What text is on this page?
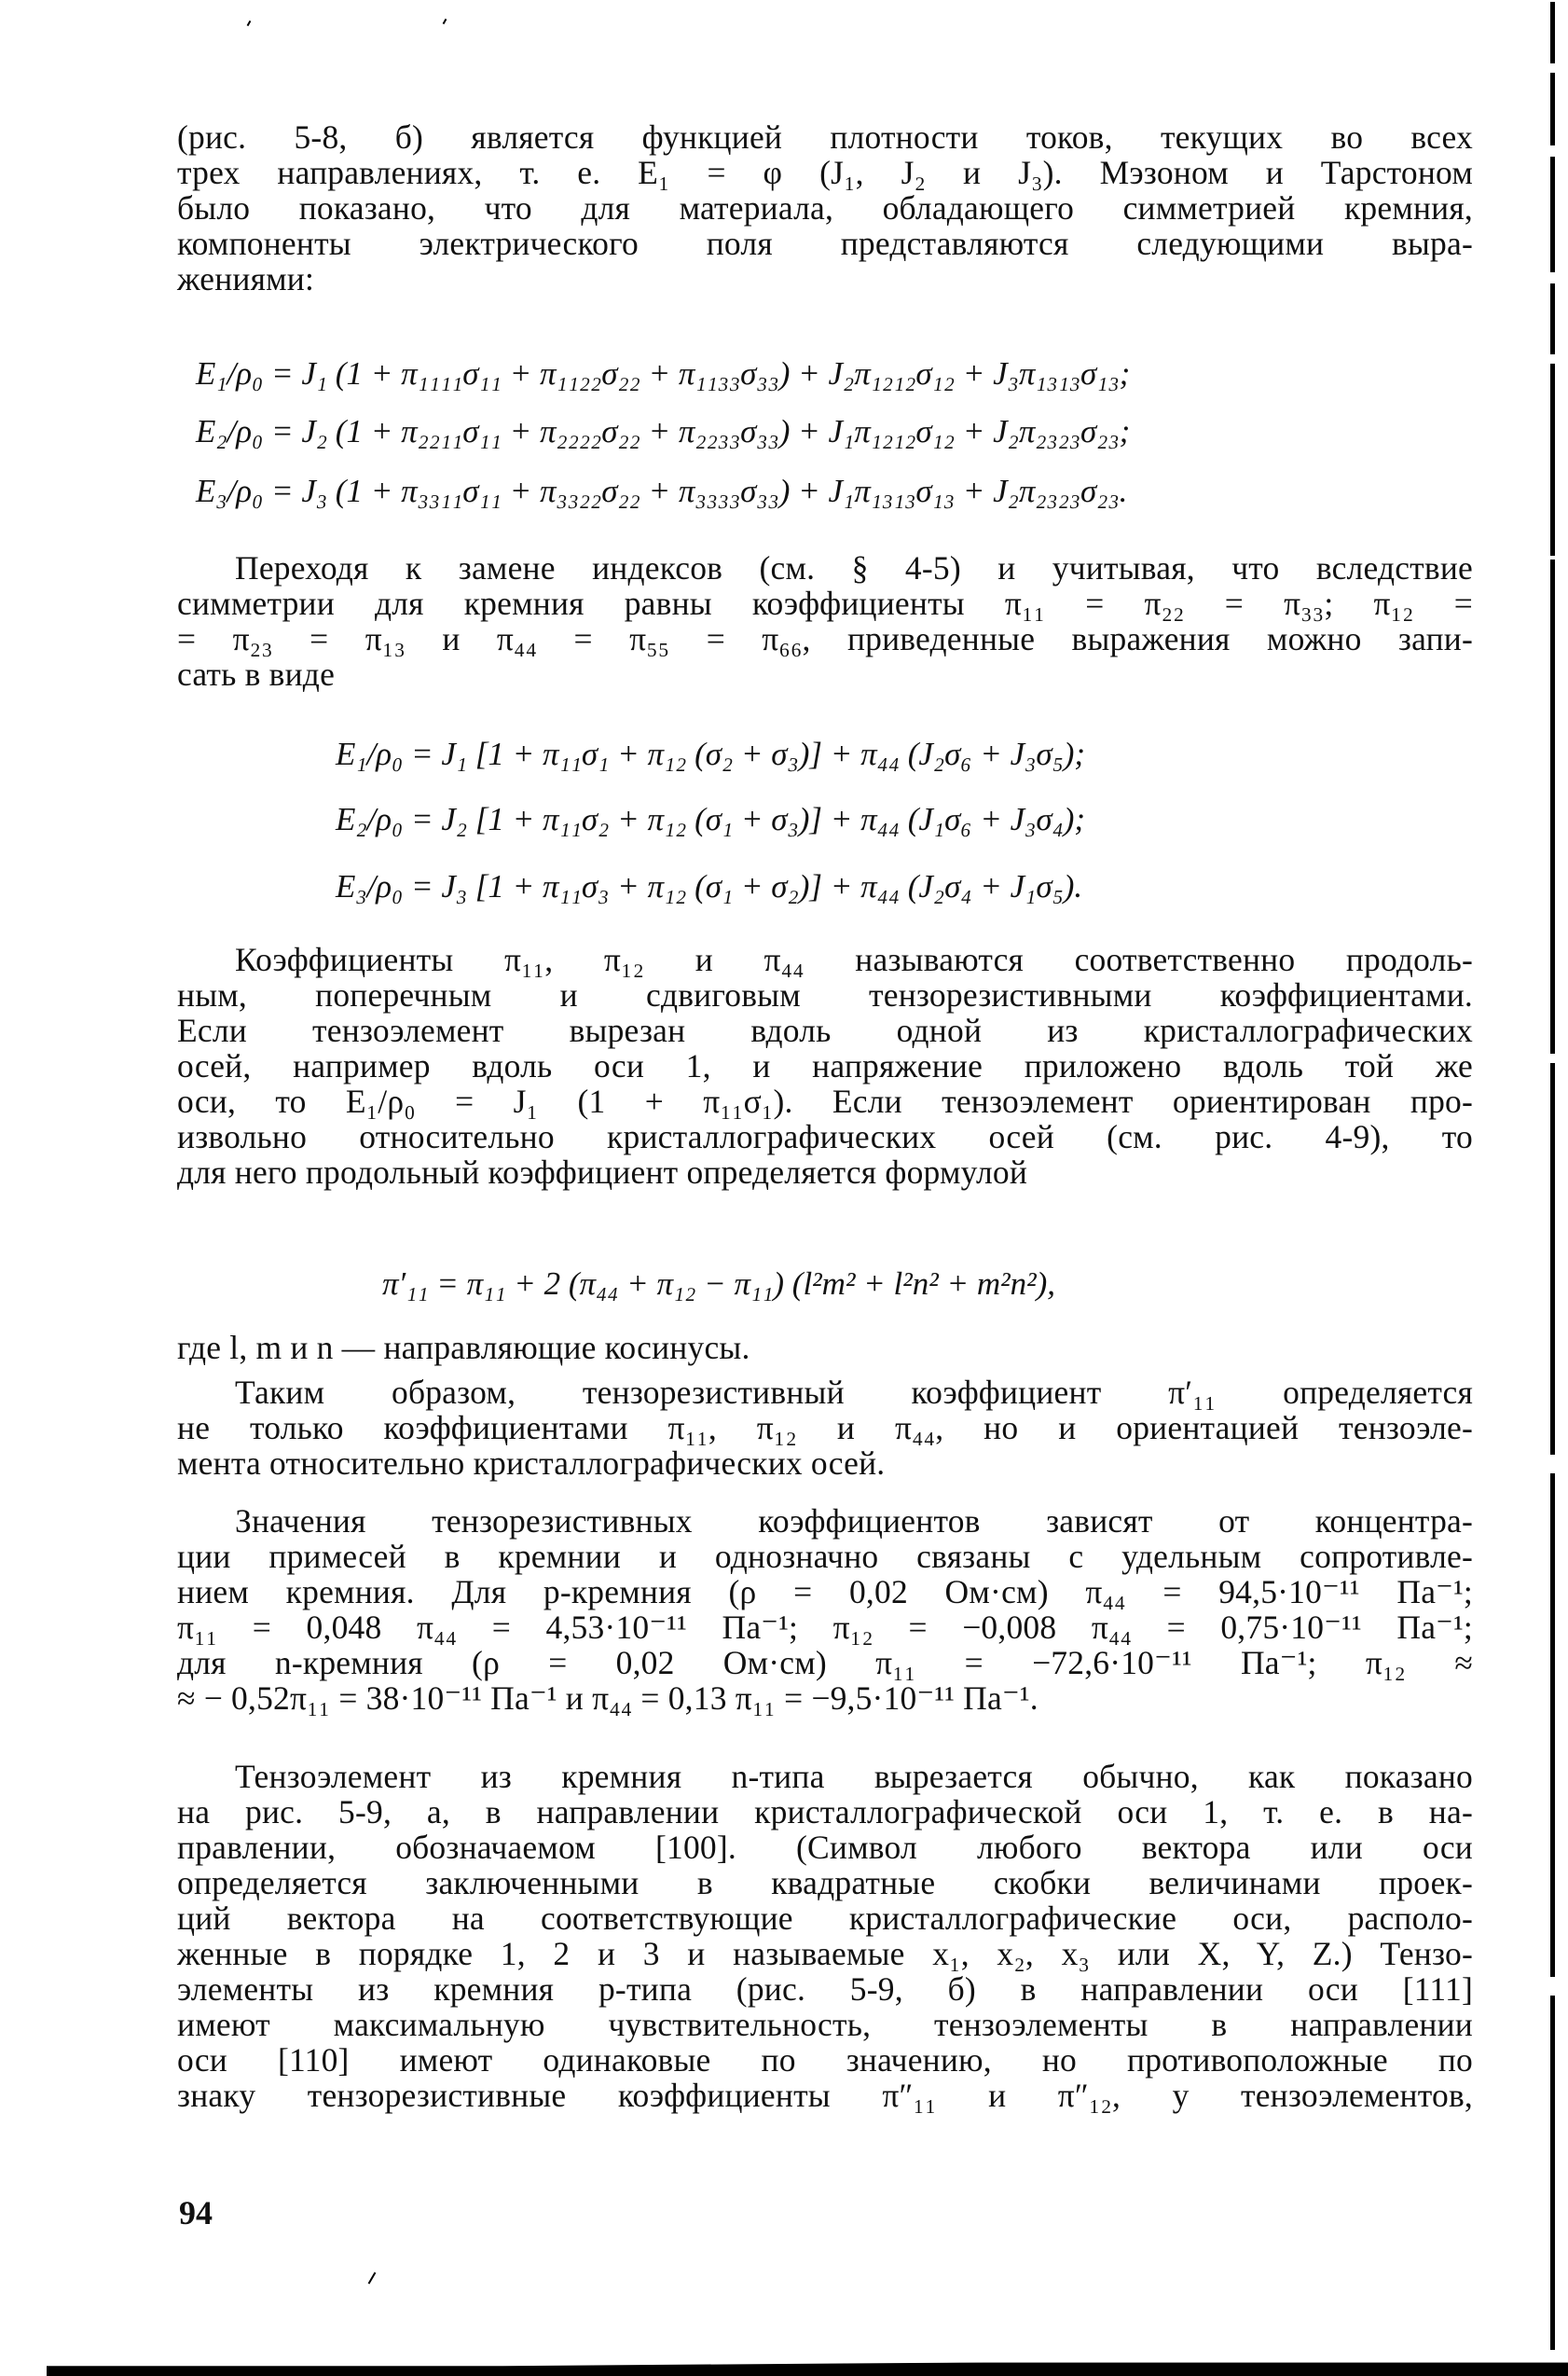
(рис. 5-8, б) является функцией плотности токов, текущих во всех
трех направлениях, т. е. E₁ = φ (J₁, J₂ и J₃). Мэзоном и Тарстоном
было показано, что для материала, обладающего симметрией кремния,
компоненты электрического поля представляются следующими выра-
жениями:
E₁/ρ₀ = J₁ (1 + π₁₁₁₁σ₁₁ + π₁₁₂₂σ₂₂ + π₁₁₃₃σ₃₃) + J₂π₁₂₁₂σ₁₂ + J₃π₁₃₁₃σ₁₃;
E₂/ρ₀ = J₂ (1 + π₂₂₁₁σ₁₁ + π₂₂₂₂σ₂₂ + π₂₂₃₃σ₃₃) + J₁π₁₂₁₂σ₁₂ + J₂π₂₃₂₃σ₂₃;
E₃/ρ₀ = J₃ (1 + π₃₃₁₁σ₁₁ + π₃₃₂₂σ₂₂ + π₃₃₃₃σ₃₃) + J₁π₁₃₁₃σ₁₃ + J₂π₂₃₂₃σ₂₃.
Переходя к замене индексов (см. § 4-5) и учитывая, что вследствие
симметрии для кремния равны коэффициенты π₁₁ = π₂₂ = π₃₃; π₁₂ =
= π₂₃ = π₁₃ и π₄₄ = π₅₅ = π₆₆, приведенные выражения можно запи-
сать в виде
E₁/ρ₀ = J₁ [1 + π₁₁σ₁ + π₁₂ (σ₂ + σ₃)] + π₄₄ (J₂σ₆ + J₃σ₅);
E₂/ρ₀ = J₂ [1 + π₁₁σ₂ + π₁₂ (σ₁ + σ₃)] + π₄₄ (J₁σ₆ + J₃σ₄);
E₃/ρ₀ = J₃ [1 + π₁₁σ₃ + π₁₂ (σ₁ + σ₂)] + π₄₄ (J₂σ₄ + J₁σ₅).
Коэффициенты π₁₁, π₁₂ и π₄₄ называются соответственно продоль-
ным, поперечным и сдвиговым тензорезистивными коэффициентами.
Если тензоэлемент вырезан вдоль одной из кристаллографических
осей, например вдоль оси 1, и напряжение приложено вдоль той же
оси, то E₁/ρ₀ = J₁ (1 + π₁₁σ₁). Если тензоэлемент ориентирован про-
извольно относительно кристаллографических осей (см. рис. 4-9), то
для него продольный коэффициент определяется формулой
π′₁₁ = π₁₁ + 2 (π₄₄ + π₁₂ − π₁₁) (l²m² + l²n² + m²n²),
где l, m и n — направляющие косинусы.
Таким образом, тензорезистивный коэффициент π′₁₁ определяется
не только коэффициентами π₁₁, π₁₂ и π₄₄, но и ориентацией тензоэле-
мента относительно кристаллографических осей.
Значения тензорезистивных коэффициентов зависят от концентра-
ции примесей в кремнии и однозначно связаны с удельным сопротивле-
нием кремния. Для p-кремния (ρ = 0,02 Ом·см) π₄₄ = 94,5·10⁻¹¹ Па⁻¹;
π₁₁ = 0,048 π₄₄ = 4,53·10⁻¹¹ Па⁻¹; π₁₂ = −0,008 π₄₄ = 0,75·10⁻¹¹ Па⁻¹;
для n-кремния (ρ = 0,02 Ом·см) π₁₁ = −72,6·10⁻¹¹ Па⁻¹; π₁₂ ≈
≈ − 0,52π₁₁ = 38·10⁻¹¹ Па⁻¹ и π₄₄ = 0,13 π₁₁ = −9,5·10⁻¹¹ Па⁻¹.
Тензоэлемент из кремния n-типа вырезается обычно, как показано
на рис. 5-9, а, в направлении кристаллографической оси 1, т. е. в на-
правлении, обозначаемом [100]. (Символ любого вектора или оси
определяется заключенными в квадратные скобки величинами проек-
ций вектора на соответствующие кристаллографические оси, располо-
женные в порядке 1, 2 и 3 и называемые x₁, x₂, x₃ или X, Y, Z.) Тензо-
элементы из кремния p-типа (рис. 5-9, б) в направлении оси [111]
имеют максимальную чувствительность, тензоэлементы в направлении
оси [110] имеют одинаковые по значению, но противоположные по
знаку тензорезистивные коэффициенты π″₁₁ и π″₁₂, у тензоэлементов,
94
